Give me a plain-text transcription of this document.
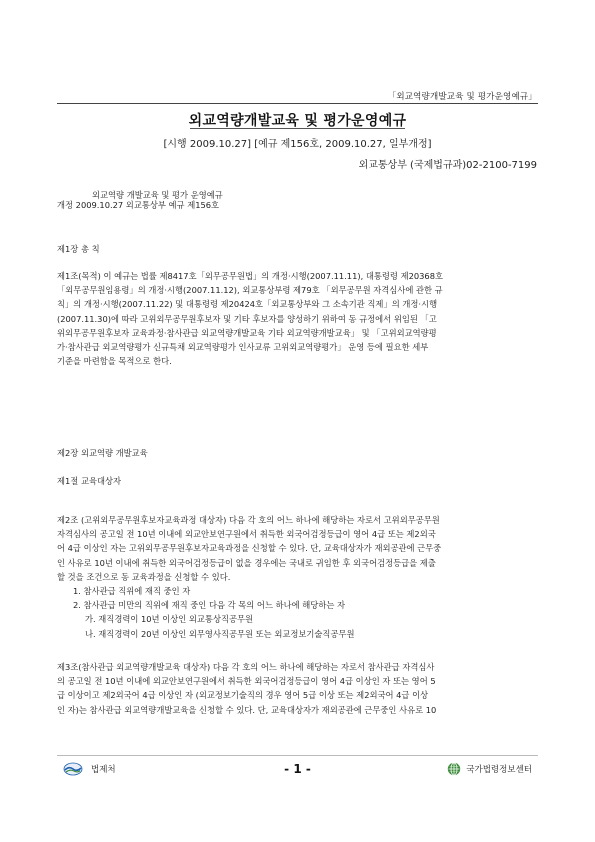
「외교역량개발교육 및 평가운영예규」
외교역량개발교육 및 평가운영예규
[시행 2009.10.27] [예규 제156호, 2009.10.27, 일부개정]
외교통상부 (국제법규과)02-2100-7199
외교역량 개발교육 및 평가 운영예규
개정 2009.10.27 외교통상부 예규 제156호
제1장 총 칙
제1조(목적) 이 예규는 법률 제8417호「외무공무원법」의 개정·시행(2007.11.11), 대통령령 제20368호
「외무공무원임용령」의 개정·시행(2007.11.12), 외교통상부령 제79호 「외무공무원 자격심사에 관한 규
칙」의 개정·시행(2007.11.22) 및 대통령령 제20424호「외교통상부와 그 소속기관 직제」의 개정·시행
(2007.11.30)에 따라 고위외무공무원후보자 및 기타 후보자를 양성하기 위하여 동 규정에서 위임된 「고
위외무공무원후보자 교육과정·참사관급 외교역량개발교육 기타 외교역량개발교육」 및 「고위외교역량평
가·참사관급 외교역량평가 신규특채 외교역량평가 인사교류 고위외교역량평가」 운영 등에 필요한 세부
기준을 마련함을 목적으로 한다.
제2장 외교역량 개발교육
제1절 교육대상자
제2조 (고위외무공무원후보자교육과정 대상자) 다음 각 호의 어느 하나에 해당하는 자로서 고위외무공무원
자격심사의 공고일 전 10년 이내에 외교안보연구원에서 취득한 외국어검정등급이 영어 4급 또는 제2외국
어 4급 이상인 자는 고위외무공무원후보자교육과정을 신청할 수 있다. 단, 교육대상자가 재외공관에 근무중
인 사유로 10년 이내에 취득한 외국어검정등급이 없을 경우에는 국내로 귀임한 후 외국어검정등급을 제출
할 것을 조건으로 동 교육과정을 신청할 수 있다.
1. 참사관급 직위에 재직 중인 자
2. 참사관급 미만의 직위에 재직 중인 다음 각 목의 어느 하나에 해당하는 자
가. 재직경력이 10년 이상인 외교통상직공무원
나. 재직경력이 20년 이상인 외무영사직공무원 또는 외교정보기술직공무원
제3조(참사관급 외교역량개발교육 대상자) 다음 각 호의 어느 하나에 해당하는 자로서 참사관급 자격심사
의 공고일 전 10년 이내에 외교안보연구원에서 취득한 외국어검정등급이 영어 4급 이상인 자 또는 영어 5
급 이상이고 제2외국어 4급 이상인 자 (외교정보기술직의 경우 영어 5급 이상 또는 제2외국어 4급 이상
인 자)는 참사관급 외교역량개발교육을 신청할 수 있다. 단, 교육대상자가 재외공관에 근무중인 사유로 10
법제처	- 1 -	국가법령정보센터
